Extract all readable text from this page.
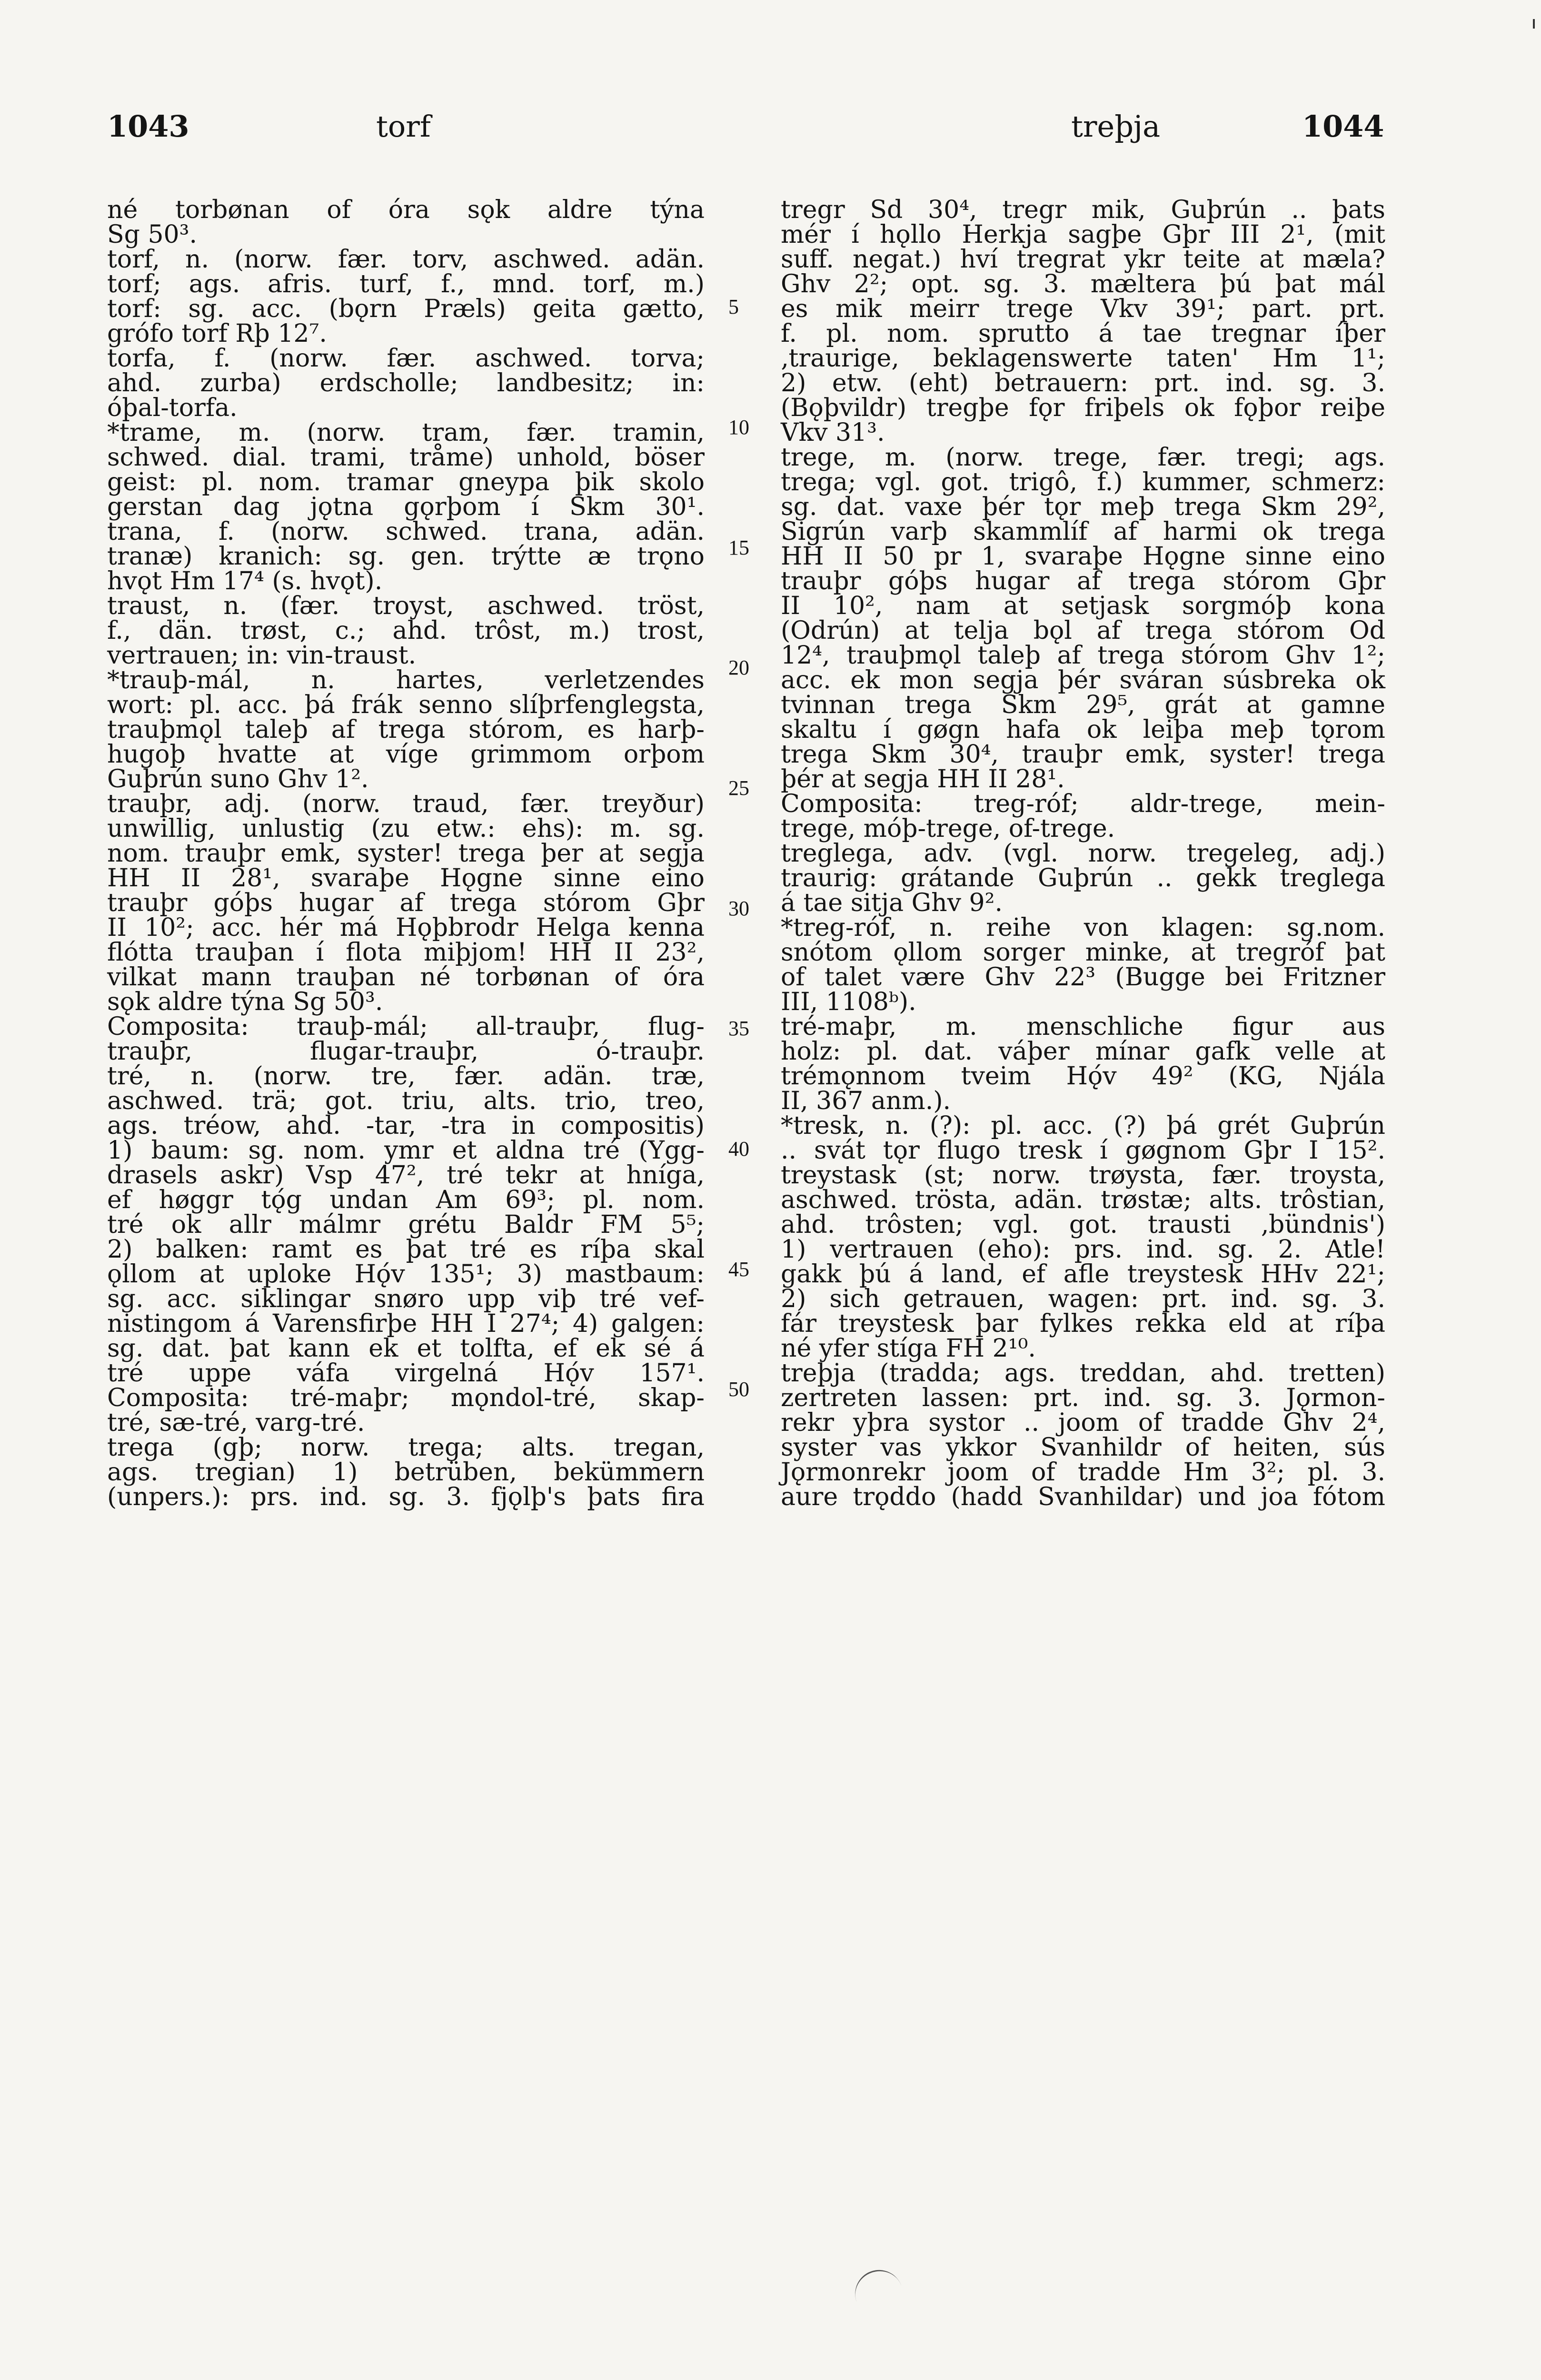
1043	torf	treþja	1044
né torbønan of óra sǫk aldre týna
Sg 50³.
torf, n. (norw. fær. torv, aschwed. adän.
torf; ags. afris. turf, f., mnd. torf, m.)
torf: sg. acc. (bǫrn Præls) geita gætto,
grófo torf Rþ 12⁷.
torfa, f. (norw. fær. aschwed. torva;
ahd. zurba) erdscholle; landbesitz; in:
óþal-torfa.
*trame, m. (norw. tram, fær. tramin,
schwed. dial. trami, tråme) unhold, böser
geist: pl. nom. tramar gneypa þik skolo
gerstan dag jǫtna gǫrþom í Skm 30¹.
trana, f. (norw. schwed. trana, adän.
tranæ) kranich: sg. gen. trýtte æ trǫno
hvǫt Hm 17⁴ (s. hvǫt).
traust, n. (fær. troyst, aschwed. tröst,
f., dän. trøst, c.; ahd. trôst, m.) trost,
vertrauen; in: vin-traust.
*trauþ-mál, n. hartes, verletzendes
wort: pl. acc. þá frák senno slíþrfenglegsta,
trauþmǫl taleþ af trega stórom, es harþ-
hugoþ hvatte at víge grimmom orþom
Guþrún suno Ghv 1².
trauþr, adj. (norw. traud, fær. treyður)
unwillig, unlustig (zu etw.: ehs): m. sg.
nom. trauþr emk, syster! trega þer at segja
HH II 28¹, svaraþe Hǫgne sinne eino
trauþr góþs hugar af trega stórom Gþr
II 10²; acc. hér má Hǫþbrodr Helga kenna
flótta trauþan í flota miþjom! HH II 23²,
vilkat mann trauþan né torbønan of óra
sǫk aldre týna Sg 50³.
Composita: trauþ-mál; all-trauþr, flug-
trauþr, flugar-trauþr, ó-trauþr.
tré, n. (norw. tre, fær. adän. træ,
aschwed. trä; got. triu, alts. trio, treo,
ags. tréow, ahd. -tar, -tra in compositis)
1) baum: sg. nom. ymr et aldna tré (Ygg-
drasels askr) Vsp 47², tré tekr at hníga,
ef høggr tǫ́g undan Am 69³; pl. nom.
tré ok allr málmr grétu Baldr FM 5⁵;
2) balken: ramt es þat tré es ríþa skal
ǫllom at uploke Hǫ́v 135¹; 3) mastbaum:
sg. acc. siklingar snøro upp viþ tré vef-
nistingom á Varensfirþe HH I 27⁴; 4) galgen:
sg. dat. þat kann ek et tolfta, ef ek sé á
tré uppe váfa virgelná Hǫ́v 157¹.
Composita: tré-maþr; mǫndol-tré, skap-
tré, sæ-tré, varg-tré.
trega (gþ; norw. trega; alts. tregan,
ags. tregian) 1) betrüben, bekümmern
(unpers.): prs. ind. sg. 3. fjǫlþ's þats fira
tregr Sd 30⁴, tregr mik, Guþrún .. þats
mér í hǫllo Herkja sagþe Gþr III 2¹, (mit
suff. negat.) hví tregrat ykr teite at mæla?
Ghv 2²; opt. sg. 3. mæltera þú þat mál
es mik meirr trege Vkv 39¹; part. prt.
f. pl. nom. sprutto á tae tregnar íþer
‚traurige, beklagenswerte taten' Hm 1¹;
2) etw. (eht) betrauern: prt. ind. sg. 3.
(Bǫþvildr) tregþe fǫr friþels ok fǫþor reiþe
Vkv 31³.
trege, m. (norw. trege, fær. tregi; ags.
trega; vgl. got. trigô, f.) kummer, schmerz:
sg. dat. vaxe þér tǫr meþ trega Skm 29²,
Sigrún varþ skammlíf af harmi ok trega
HH II 50 pr 1, svaraþe Hǫgne sinne eino
trauþr góþs hugar af trega stórom Gþr
II 10², nam at setjask sorgmóþ kona
(Odrún) at telja bǫl af trega stórom Od
12⁴, trauþmǫl taleþ af trega stórom Ghv 1²;
acc. ek mon segja þér sváran súsbreka ok
tvinnan trega Skm 29⁵, grát at gamne
skaltu í gøgn hafa ok leiþa meþ tǫrom
trega Skm 30⁴, trauþr emk, syster! trega
þér at segja HH II 28¹.
Composita: treg-róf; aldr-trege, mein-
trege, móþ-trege, of-trege.
treglega, adv. (vgl. norw. tregeleg, adj.)
traurig: grátande Guþrún .. gekk treglega
á tae sitja Ghv 9².
*treg-róf, n. reihe von klagen: sg.nom.
snótom ǫllom sorger minke, at tregróf þat
of talet være Ghv 22³ (Bugge bei Fritzner
III, 1108ᵇ).
tré-maþr, m. menschliche figur aus
holz: pl. dat. váþer mínar gafk velle at
trémǫnnom tveim Hǫ́v 49² (KG, Njála
II, 367 anm.).
*tresk, n. (?): pl. acc. (?) þá grét Guþrún
.. svát tǫr flugo tresk í gøgnom Gþr I 15².
treystask (st; norw. trøysta, fær. troysta,
aschwed. trösta, adän. trøstæ; alts. trôstian,
ahd. trôsten; vgl. got. trausti ‚bündnis')
1) vertrauen (eho): prs. ind. sg. 2. Atle!
gakk þú á land, ef afle treystesk HHv 22¹;
2) sich getrauen, wagen: prt. ind. sg. 3.
fár treystesk þar fylkes rekka eld at ríþa
né yfer stíga FH 2¹⁰.
treþja (tradda; ags. treddan, ahd. tretten)
zertreten lassen: prt. ind. sg. 3. Jǫrmon-
rekr yþra systor .. joom of tradde Ghv 2⁴,
syster vas ykkor Svanhildr of heiten, sús
Jǫrmonrekr joom of tradde Hm 3²; pl. 3.
aure trǫddo (hadd Svanhildar) und joa fótom
5
10
15
20
25
30
35
40
45
50
